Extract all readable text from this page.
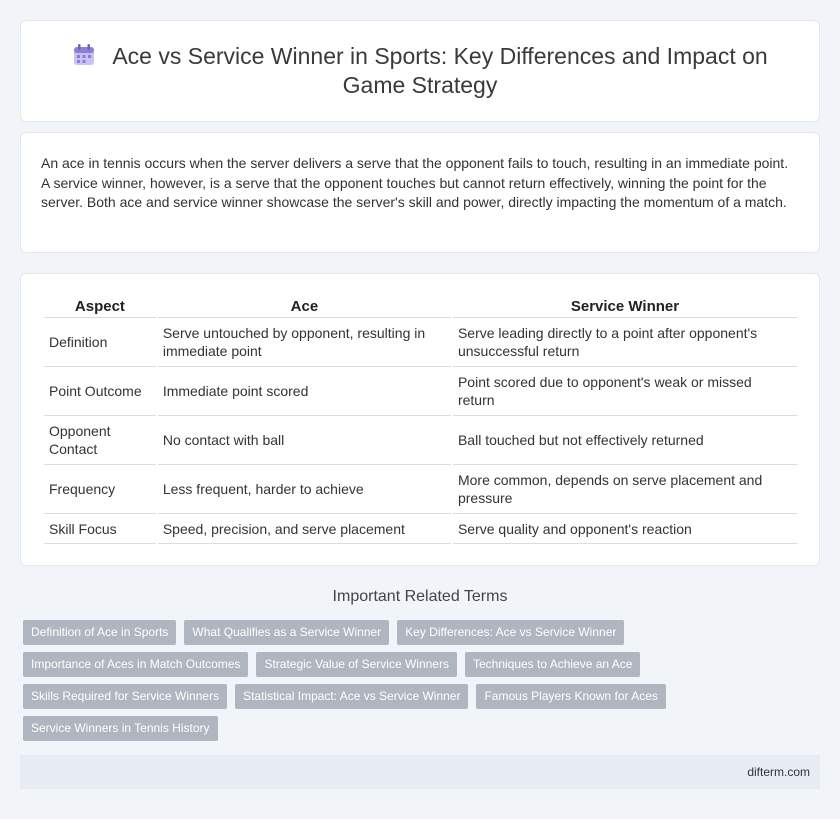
Ace vs Service Winner in Sports: Key Differences and Impact on Game Strategy

An ace in tennis occurs when the server delivers a serve that the opponent fails to touch, resulting in an immediate point. A service winner, however, is a serve that the opponent touches but cannot return effectively, winning the point for the server. Both ace and service winner showcase the server's skill and power, directly impacting the momentum of a match.

Aspect	Ace	Service Winner
Definition	Serve untouched by opponent, resulting in immediate point	Serve leading directly to a point after opponent's unsuccessful return
Point Outcome	Immediate point scored	Point scored due to opponent's weak or missed return
Opponent Contact	No contact with ball	Ball touched but not effectively returned
Frequency	Less frequent, harder to achieve	More common, depends on serve placement and pressure
Skill Focus	Speed, precision, and serve placement	Serve quality and opponent's reaction
Important Related Terms
Definition of Ace in Sports	What Qualifies as a Service Winner	Key Differences: Ace vs Service Winner
Importance of Aces in Match Outcomes	Strategic Value of Service Winners	Techniques to Achieve an Ace
Skills Required for Service Winners	Statistical Impact: Ace vs Service Winner	Famous Players Known for Aces
Service Winners in Tennis History
difterm.com
